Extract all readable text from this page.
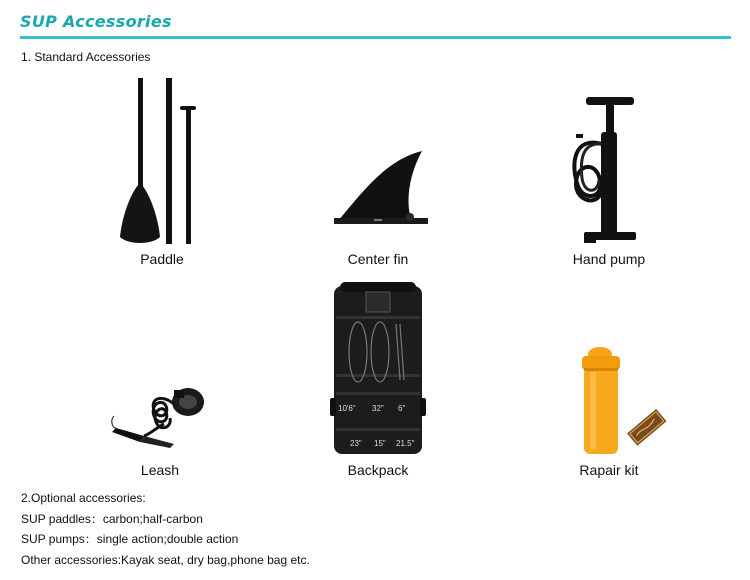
SUP Accessories
1. Standard Accessories
Paddle	Center fin	Hand pump
Leash
10'6" 32" 6"
23" 15" 21.5"
Backpack	Rapair kit
2.Optional accessories:
SUP paddles：carbon;half-carbon
SUP pumps：single action;double action
Other accessories:Kayak seat, dry bag,phone bag etc.
